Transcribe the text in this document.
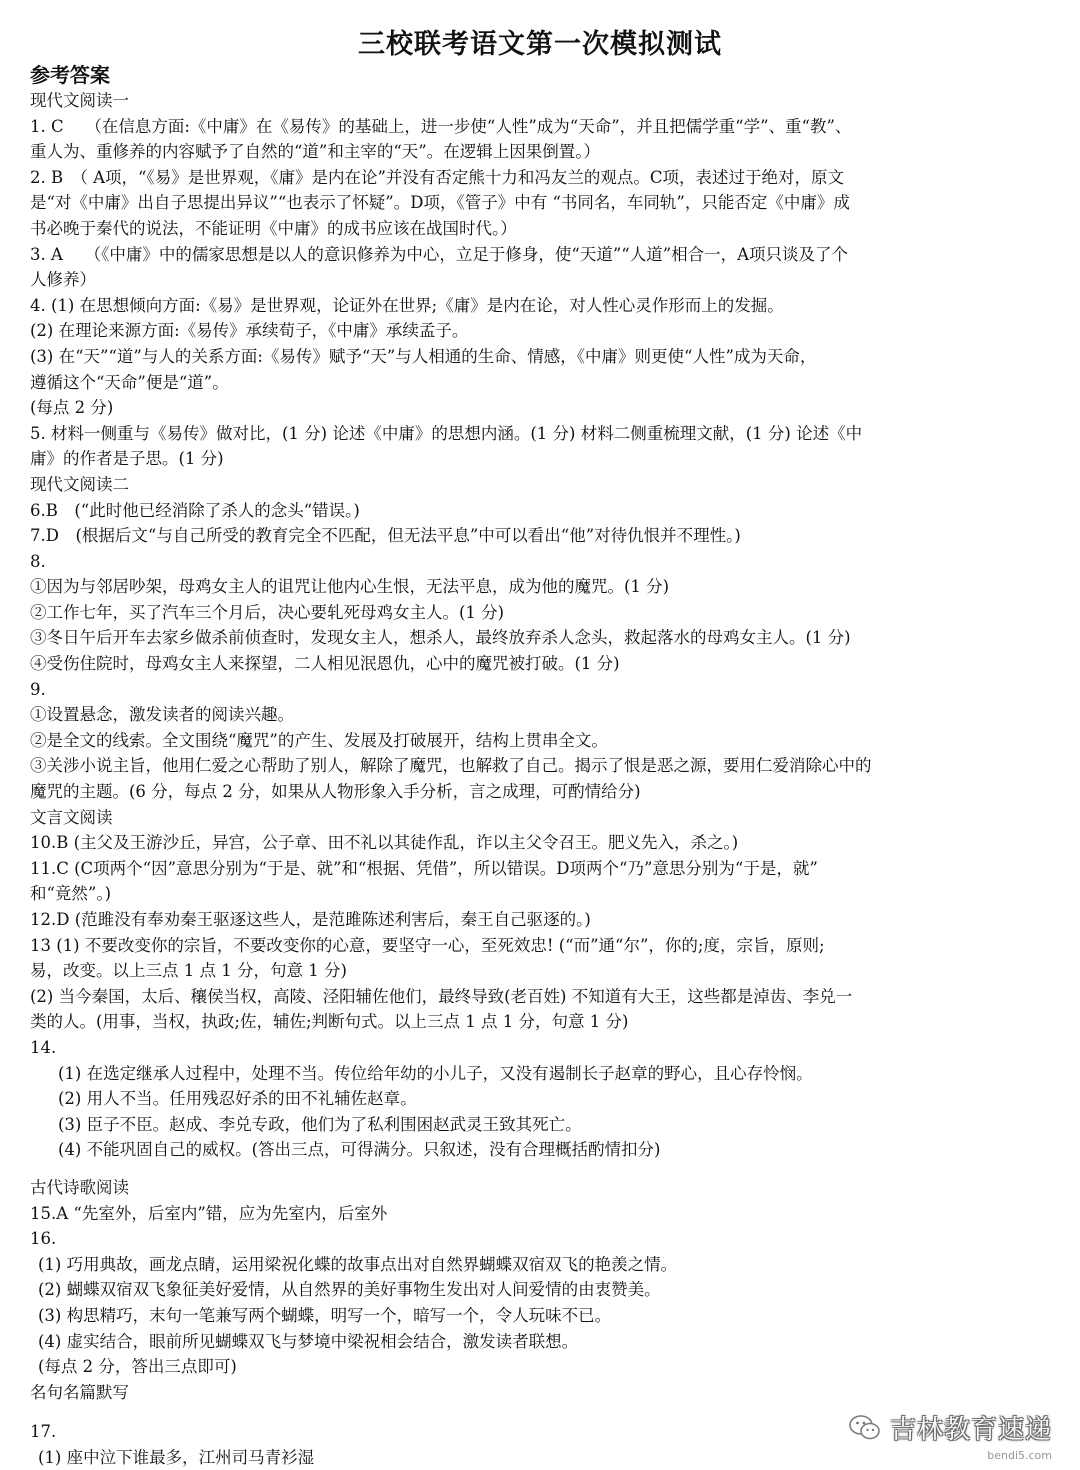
三校联考语文第一次模拟测试
参考答案
现代文阅读一
1. C　 （在信息方面:《中庸》在《易传》的基础上，进一步使“人性”成为“天命”，并且把儒学重“学”、重“教”、
重人为、重修养的内容赋予了自然的“道”和主宰的“天”。在逻辑上因果倒置。）
2. B　（ A项，“《易》是世界观，《庸》是内在论”并没有否定熊十力和冯友兰的观点。C项，表述过于绝对，原文
是“对《中庸》出自子思提出异议”“也表示了怀疑”。D项，《管子》中有 “书同名，车同轨”，只能否定《中庸》成
书必晚于秦代的说法，不能证明《中庸》的成书应该在战国时代。）
3. A　 （《中庸》中的儒家思想是以人的意识修养为中心，立足于修身，使“天道”“人道”相合一，A项只谈及了个
人修养）
4. (1) 在思想倾向方面:《易》是世界观，论证外在世界;《庸》是内在论，对人性心灵作形而上的发掘。
(2) 在理论来源方面:《易传》承续荀子，《中庸》承续孟子。
(3) 在“天”“道”与人的关系方面:《易传》赋予“天”与人相通的生命、情感，《中庸》则更使“人性”成为天命，
遵循这个“天命”便是“道”。
(每点 2 分)
5. 材料一侧重与《易传》做对比，(1 分) 论述《中庸》的思想内涵。(1 分) 材料二侧重梳理文献，(1 分) 论述《中
庸》的作者是子思。(1 分)
现代文阅读二
6.B　(“此时他已经消除了杀人的念头“错误。)
7.D　(根据后文“与自己所受的教育完全不匹配，但无法平息”中可以看出“他”对待仇恨并不理性。)
8.
①因为与邻居吵架，母鸡女主人的诅咒让他内心生恨，无法平息，成为他的魔咒。(1 分)
②工作七年，买了汽车三个月后，决心要轧死母鸡女主人。(1 分)
③冬日午后开车去家乡做杀前侦查时，发现女主人，想杀人，最终放弃杀人念头，救起落水的母鸡女主人。(1 分)
④受伤住院时，母鸡女主人来探望，二人相见泯恩仇，心中的魔咒被打破。(1 分)
9.
①设置悬念，激发读者的阅读兴趣。
②是全文的线索。全文围绕“魔咒”的产生、发展及打破展开，结构上贯串全文。
③关涉小说主旨，他用仁爱之心帮助了别人，解除了魔咒，也解救了自己。揭示了恨是恶之源，要用仁爱消除心中的
魔咒的主题。(6 分，每点 2 分，如果从人物形象入手分析，言之成理，可酌情给分)
文言文阅读
10.B (主父及王游沙丘，异宫，公子章、田不礼以其徒作乱，诈以主父令召王。肥义先入，杀之。)
11.C (C项两个“因”意思分别为“于是、就”和“根据、凭借”，所以错误。D项两个“乃”意思分别为“于是，就”
和“竟然”。)
12.D (范雎没有奉劝秦王驱逐这些人，是范雎陈述利害后，秦王自己驱逐的。)
13 (1) 不要改变你的宗旨，不要改变你的心意，要坚守一心，至死效忠! (“而”通“尔”，你的;度，宗旨，原则;
易，改变。以上三点 1 点 1 分，句意 1 分)
(2) 当今秦国，太后、穰侯当权，高陵、泾阳辅佐他们，最终导致(老百姓) 不知道有大王，这些都是淖齿、李兑一
类的人。(用事，当权，执政;佐，辅佐;判断句式。以上三点 1 点 1 分，句意 1 分)
14.
(1) 在选定继承人过程中，处理不当。传位给年幼的小儿子，又没有遏制长子赵章的野心，且心存怜悯。
(2) 用人不当。任用残忍好杀的田不礼辅佐赵章。
(3) 臣子不臣。赵成、李兑专政，他们为了私利围困赵武灵王致其死亡。
(4) 不能巩固自己的威权。(答出三点，可得满分。只叙述，没有合理概括酌情扣分)
古代诗歌阅读
15.A “先室外，后室内”错，应为先室内，后室外
16.
(1) 巧用典故，画龙点睛，运用梁祝化蝶的故事点出对自然界蝴蝶双宿双飞的艳羡之情。
(2) 蝴蝶双宿双飞象征美好爱情，从自然界的美好事物生发出对人间爱情的由衷赞美。
(3) 构思精巧，末句一笔兼写两个蝴蝶，明写一个，暗写一个，令人玩味不已。
(4) 虚实结合，眼前所见蝴蝶双飞与梦境中梁祝相会结合，激发读者联想。
(每点 2 分，答出三点即可)
名句名篇默写
17.
(1) 座中泣下谁最多，江州司马青衫湿
吉林教育速递
bendi5.com
